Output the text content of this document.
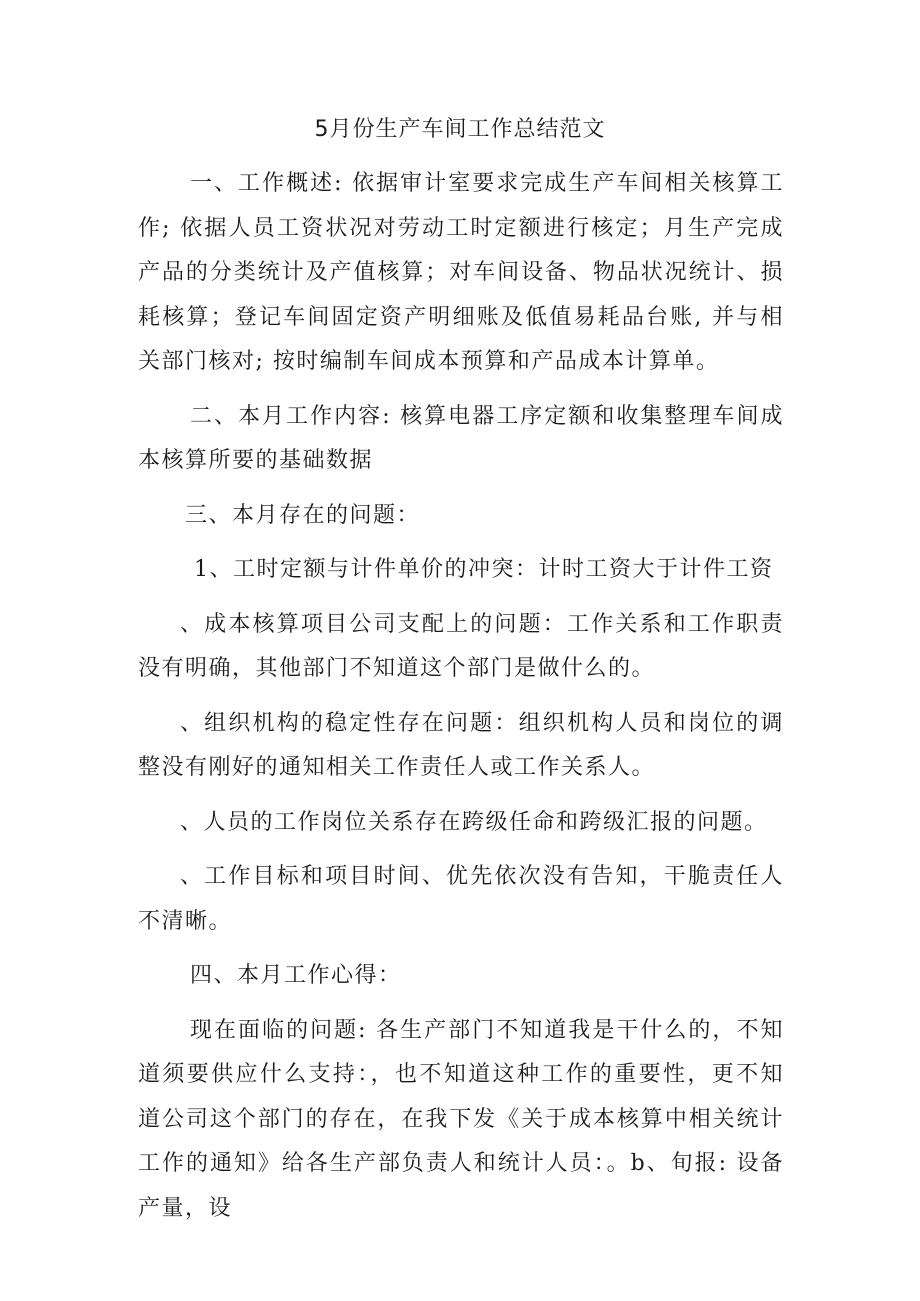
5月份生产车间工作总结范文

一、工作概述: 依据审计室要求完成生产车间相关核算工作; 依据人员工资状况对劳动工时定额进行核定；月生产完成产品的分类统计及产值核算；对车间设备、物品状况统计、损耗核算；登记车间固定资产明细账及低值易耗品台账, 并与相关部门核对; 按时编制车间成本预算和产品成本计算单。

二、本月工作内容: 核算电器工序定额和收集整理车间成本核算所要的基础数据

三、本月存在的问题：

1、工时定额与计件单价的冲突：计时工资大于计件工资

、成本核算项目公司支配上的问题：工作关系和工作职责没有明确，其他部门不知道这个部门是做什么的。

、组织机构的稳定性存在问题：组织机构人员和岗位的调整没有刚好的通知相关工作责任人或工作关系人。

、人员的工作岗位关系存在跨级任命和跨级汇报的问题。

、工作目标和项目时间、优先依次没有告知，干脆责任人不清晰。

四、本月工作心得：

现在面临的问题: 各生产部门不知道我是干什么的，不知道须要供应什么支持：，也不知道这种工作的重要性，更不知道公司这个部门的存在，在我下发《关于成本核算中相关统计工作的通知》给各生产部负责人和统计人员：。b、旬报: 设备产量，设
